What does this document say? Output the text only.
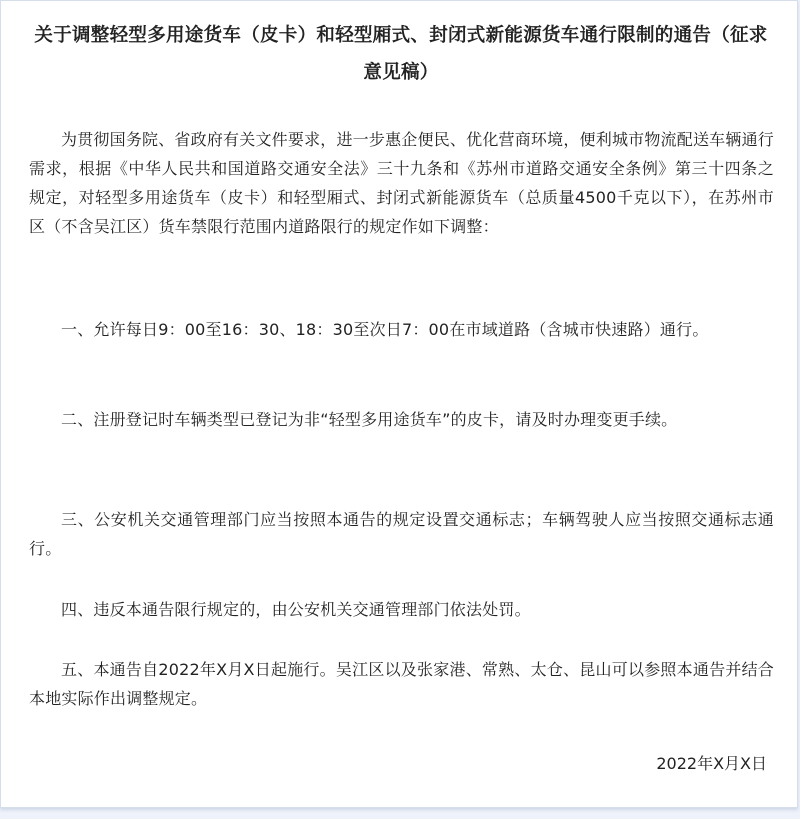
关于调整轻型多用途货车（皮卡）和轻型厢式、封闭式新能源货车通行限制的通告（征求意见稿）

为贯彻国务院、省政府有关文件要求，进一步惠企便民、优化营商环境，便利城市物流配送车辆通行需求，根据《中华人民共和国道路交通安全法》三十九条和《苏州市道路交通安全条例》第三十四条之规定，对轻型多用途货车（皮卡）和轻型厢式、封闭式新能源货车（总质量4500千克以下），在苏州市区（不含吴江区）货车禁限行范围内道路限行的规定作如下调整：

一、允许每日9：00至16：30、18：30至次日7：00在市域道路（含城市快速路）通行。

二、注册登记时车辆类型已登记为非“轻型多用途货车”的皮卡，请及时办理变更手续。

三、公安机关交通管理部门应当按照本通告的规定设置交通标志；车辆驾驶人应当按照交通标志通行。

四、违反本通告限行规定的，由公安机关交通管理部门依法处罚。

五、本通告自2022年X月X日起施行。吴江区以及张家港、常熟、太仓、昆山可以参照本通告并结合本地实际作出调整规定。

2022年X月X日
